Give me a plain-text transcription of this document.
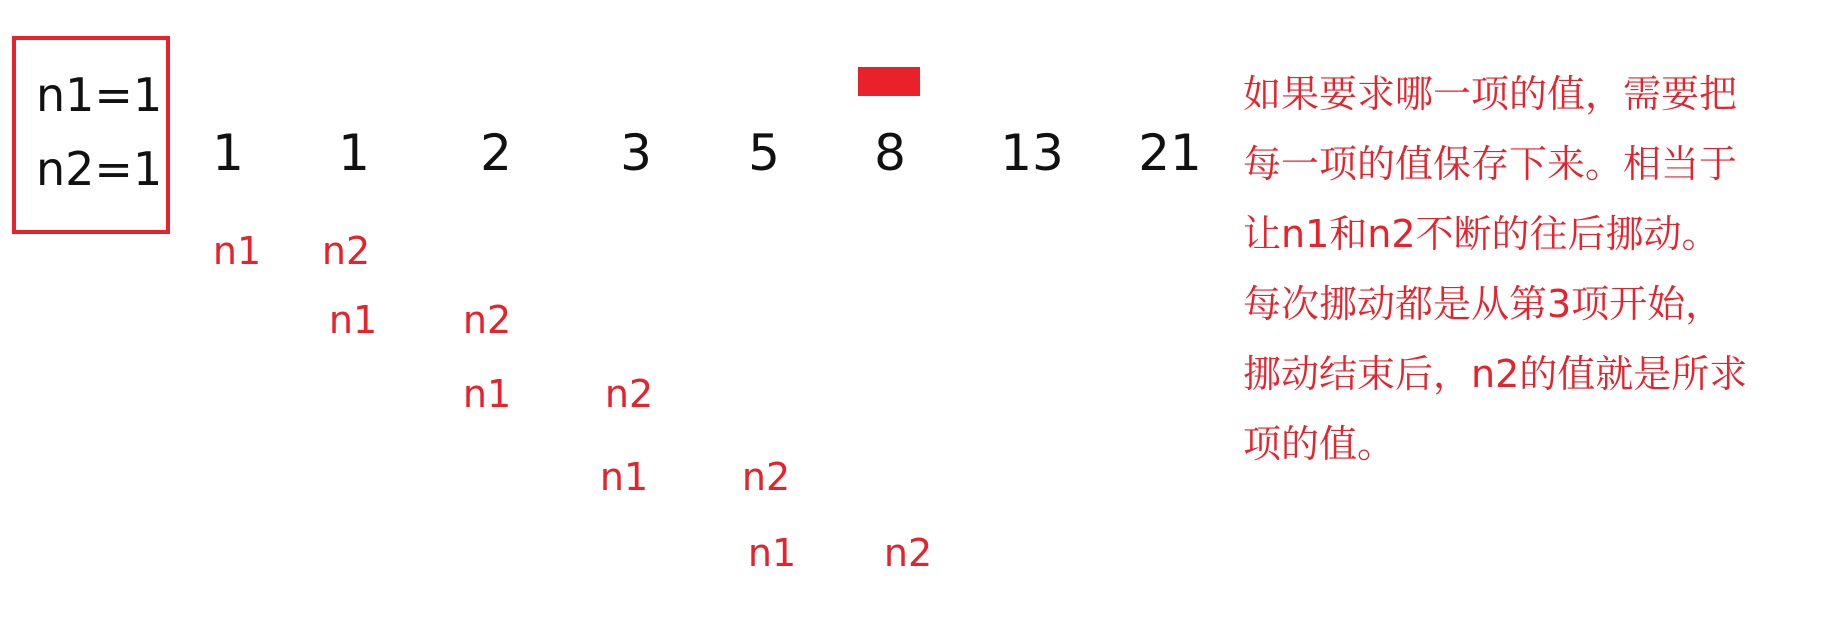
n1=1
n2=1 1 1 2 3 5 8 13 21
n1 n2
n1 n2
n1 n2
n1 n2
n1 n2
如果要求哪一项的值，需要把
每一项的值保存下来。相当于
让n1和n2不断的往后挪动。
每次挪动都是从第3项开始，
挪动结束后，n2的值就是所求
项的值。
